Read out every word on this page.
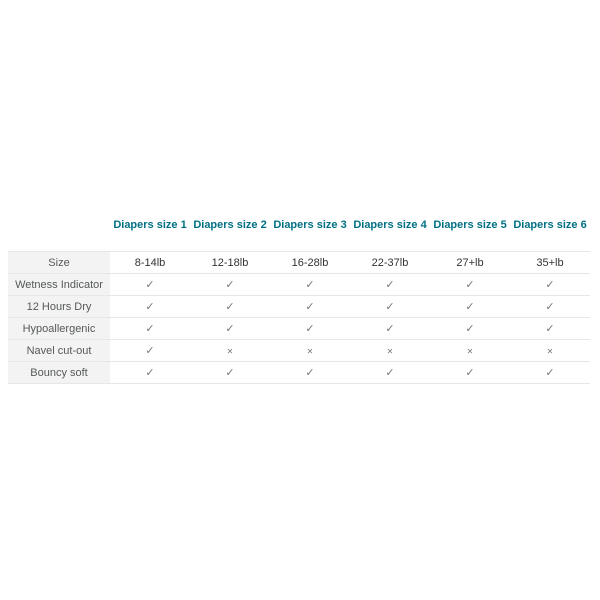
	Diapers size 1	Diapers size 2	Diapers size 3	Diapers size 4	Diapers size 5	Diapers size 6
Size	8-14lb	12-18lb	16-28lb	22-37lb	27+lb	35+lb
Wetness Indicator	✓	✓	✓	✓	✓	✓
12 Hours Dry	✓	✓	✓	✓	✓	✓
Hypoallergenic	✓	✓	✓	✓	✓	✓
Navel cut-out	✓	✕	✕	✕	✕	✕
Bouncy soft	✓	✓	✓	✓	✓	✓
